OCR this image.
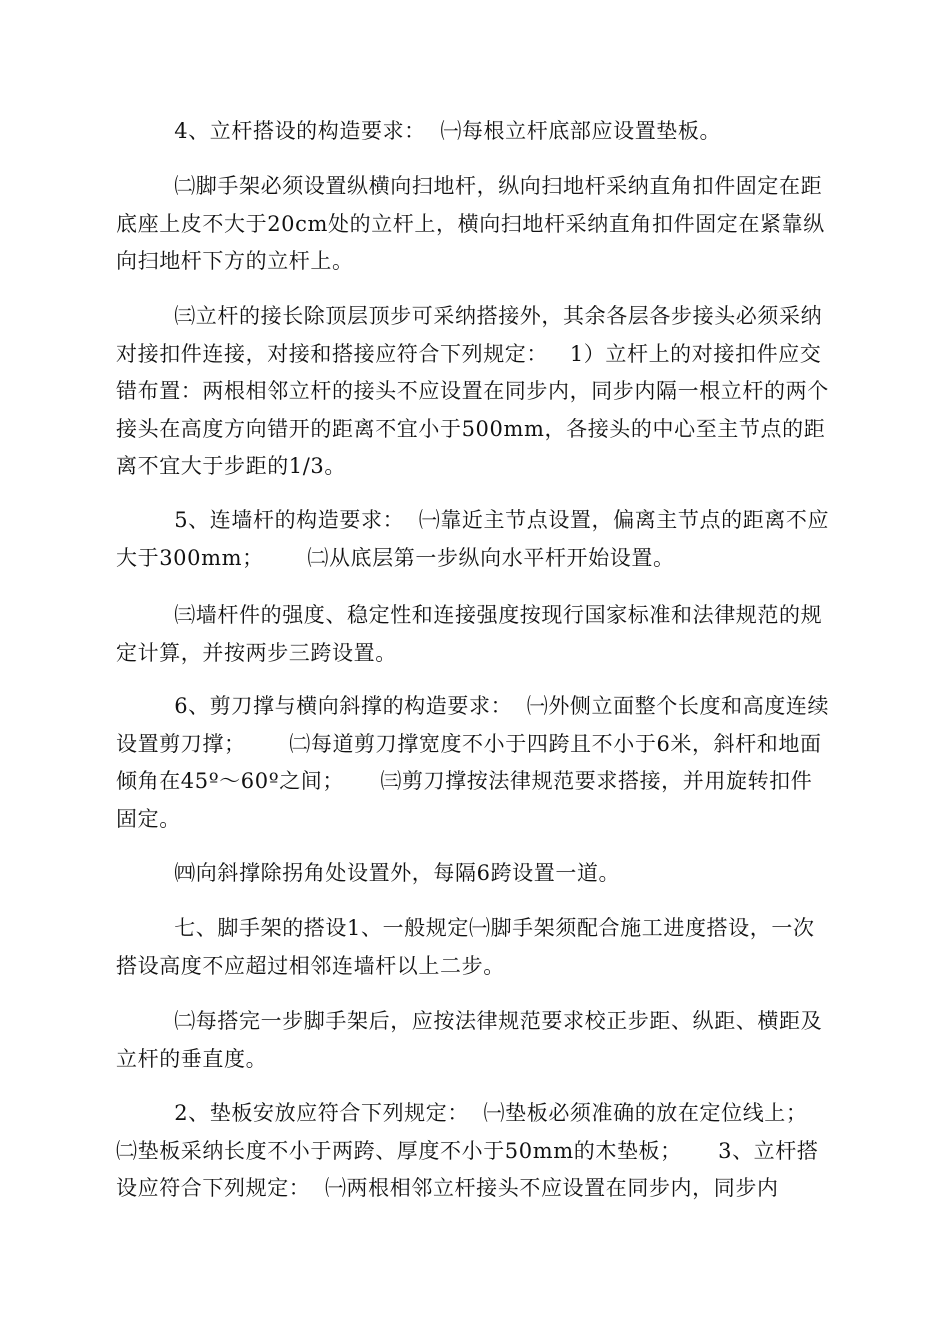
4、立杆搭设的构造要求：  ㈠每根立杆底部应设置垫板。

㈡脚手架必须设置纵横向扫地杆，纵向扫地杆采纳直角扣件固定在距底座上皮不大于20cm处的立杆上，横向扫地杆采纳直角扣件固定在紧靠纵向扫地杆下方的立杆上。

㈢立杆的接长除顶层顶步可采纳搭接外，其余各层各步接头必须采纳对接扣件连接，对接和搭接应符合下列规定：   1）立杆上的对接扣件应交错布置：两根相邻立杆的接头不应设置在同步内，同步内隔一根立杆的两个接头在高度方向错开的距离不宜小于500mm，各接头的中心至主节点的距离不宜大于步距的1/3。

5、连墙杆的构造要求：  ㈠靠近主节点设置，偏离主节点的距离不应大于300mm；      ㈡从底层第一步纵向水平杆开始设置。

㈢墙杆件的强度、稳定性和连接强度按现行国家标准和法律规范的规定计算，并按两步三跨设置。

6、剪刀撑与横向斜撑的构造要求：  ㈠外侧立面整个长度和高度连续设置剪刀撑；      ㈡每道剪刀撑宽度不小于四跨且不小于6米，斜杆和地面倾角在45º～60º之间；     ㈢剪刀撑按法律规范要求搭接，并用旋转扣件固定。

㈣向斜撑除拐角处设置外，每隔6跨设置一道。

七、脚手架的搭设1、一般规定㈠脚手架须配合施工进度搭设，一次搭设高度不应超过相邻连墙杆以上二步。

㈡每搭完一步脚手架后，应按法律规范要求校正步距、纵距、横距及立杆的垂直度。

2、垫板安放应符合下列规定：  ㈠垫板必须准确的放在定位线上； ㈡垫板采纳长度不小于两跨、厚度不小于50mm的木垫板；     3、立杆搭设应符合下列规定：  ㈠两根相邻立杆接头不应设置在同步内，同步内
